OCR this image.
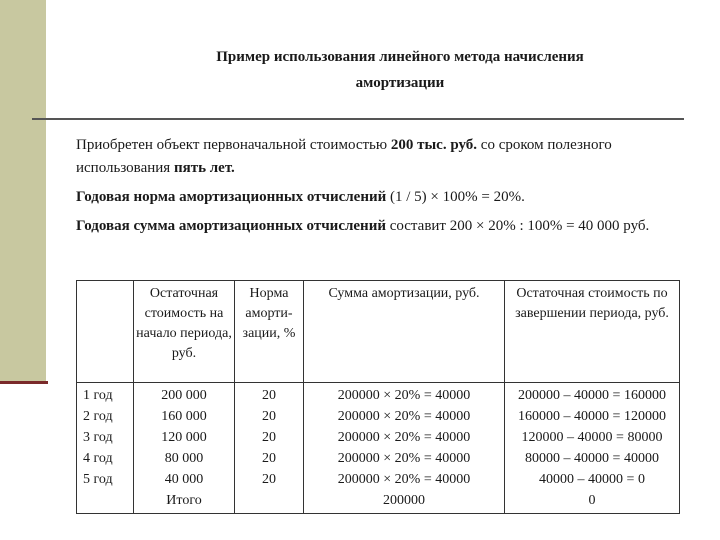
Пример использования линейного метода начисления
амортизации

Приобретен объект первоначальной стоимостью 200 тыс. руб. со сроком полезного использования пять лет.

Годовая норма амортизационных отчислений (1 / 5) × 100% = 20%.

Годовая сумма амортизационных отчислений составит 200 × 20% : 100% = 40 000 руб.

	Остаточная стоимость на начало периода, руб.	Норма аморти-зации, %	Сумма амортизации, руб.	Остаточная стоимость по завершении периода, руб.
1 год	200 000	20	200000 × 20% = 40000	200000 – 40000 = 160000
2 год	160 000	20	200000 × 20% = 40000	160000 – 40000 = 120000
3 год	120 000	20	200000 × 20% = 40000	120000 – 40000 = 80000
4 год	80 000	20	200000 × 20% = 40000	80000 – 40000 = 40000
5 год	40 000	20	200000 × 20% = 40000	40000 – 40000 = 0
	Итого		200000	0
